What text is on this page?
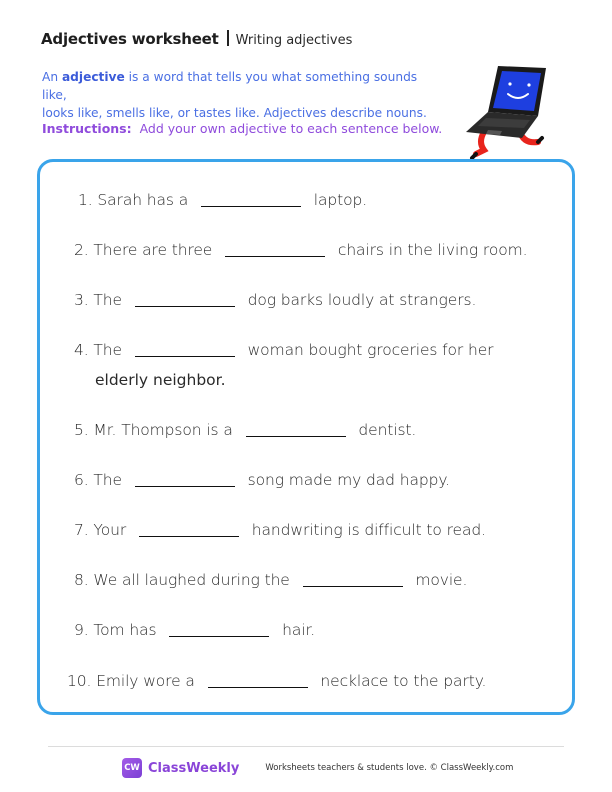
Adjectives worksheet Writing adjectives
An adjective is a word that tells you what something sounds like,
looks like, smells like, or tastes like. Adjectives describe nouns.
Instructions: Add your own adjective to each sentence below.
1. Sarah has a	laptop.
2. There are three	chairs in the living room.
3. The	dog barks loudly at strangers.
4. The	woman bought groceries for her
elderly neighbor.
5. Mr. Thompson is a	dentist.
6. The	song made my dad happy.
7. Your	handwriting is difficult to read.
8. We all laughed during the	movie.
9. Tom has	hair.
10. Emily wore a	necklace to the party.
CW ClassWeekly	Worksheets teachers & students love. © ClassWeekly.com
